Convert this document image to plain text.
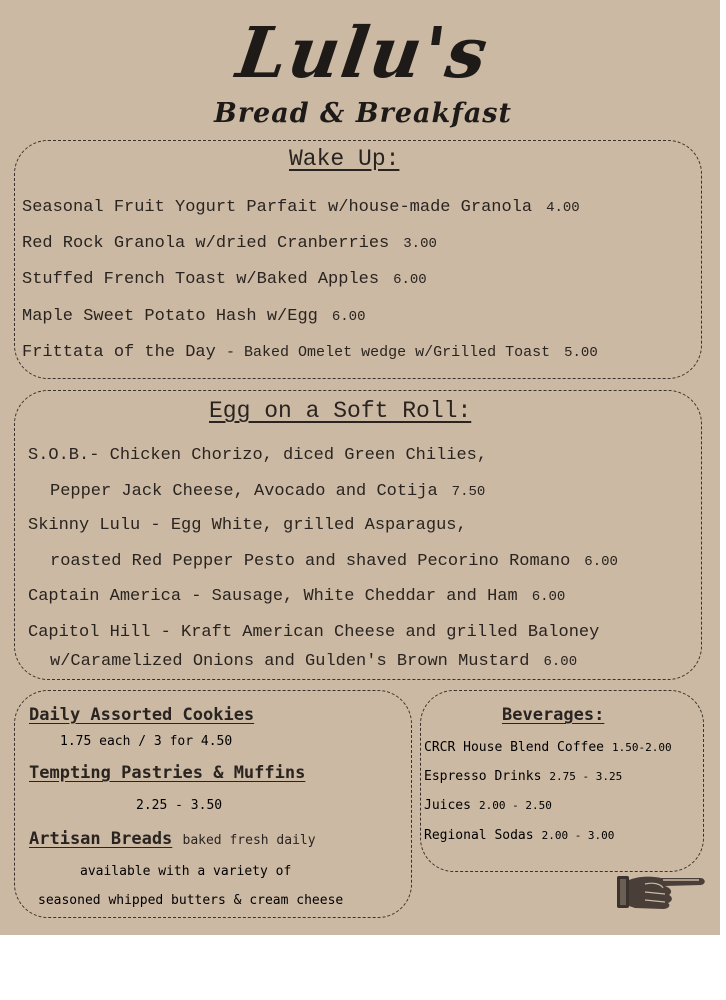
Lulu's
Bread & Breakfast
Wake Up:
Seasonal Fruit Yogurt Parfait w/house-made Granola 4.00
Red Rock Granola w/dried Cranberries 3.00
Stuffed French Toast w/Baked Apples 6.00
Maple Sweet Potato Hash w/Egg 6.00
Frittata of the Day - Baked Omelet wedge w/Grilled Toast 5.00
Egg on a Soft Roll:
S.O.B.- Chicken Chorizo, diced Green Chilies,
Pepper Jack Cheese, Avocado and Cotija 7.50
Skinny Lulu - Egg White, grilled Asparagus,
roasted Red Pepper Pesto and shaved Pecorino Romano 6.00
Captain America - Sausage, White Cheddar and Ham 6.00
Capitol Hill - Kraft American Cheese and grilled Baloney
w/Caramelized Onions and Gulden's Brown Mustard 6.00
Daily Assorted Cookies
1.75 each / 3 for 4.50
Tempting Pastries & Muffins
2.25 - 3.50
Artisan Breads baked fresh daily
available with a variety of
seasoned whipped butters & cream cheese
Beverages:
CRCR House Blend Coffee 1.50-2.00
Espresso Drinks 2.75 - 3.25
Juices 2.00 - 2.50
Regional Sodas 2.00 - 3.00
